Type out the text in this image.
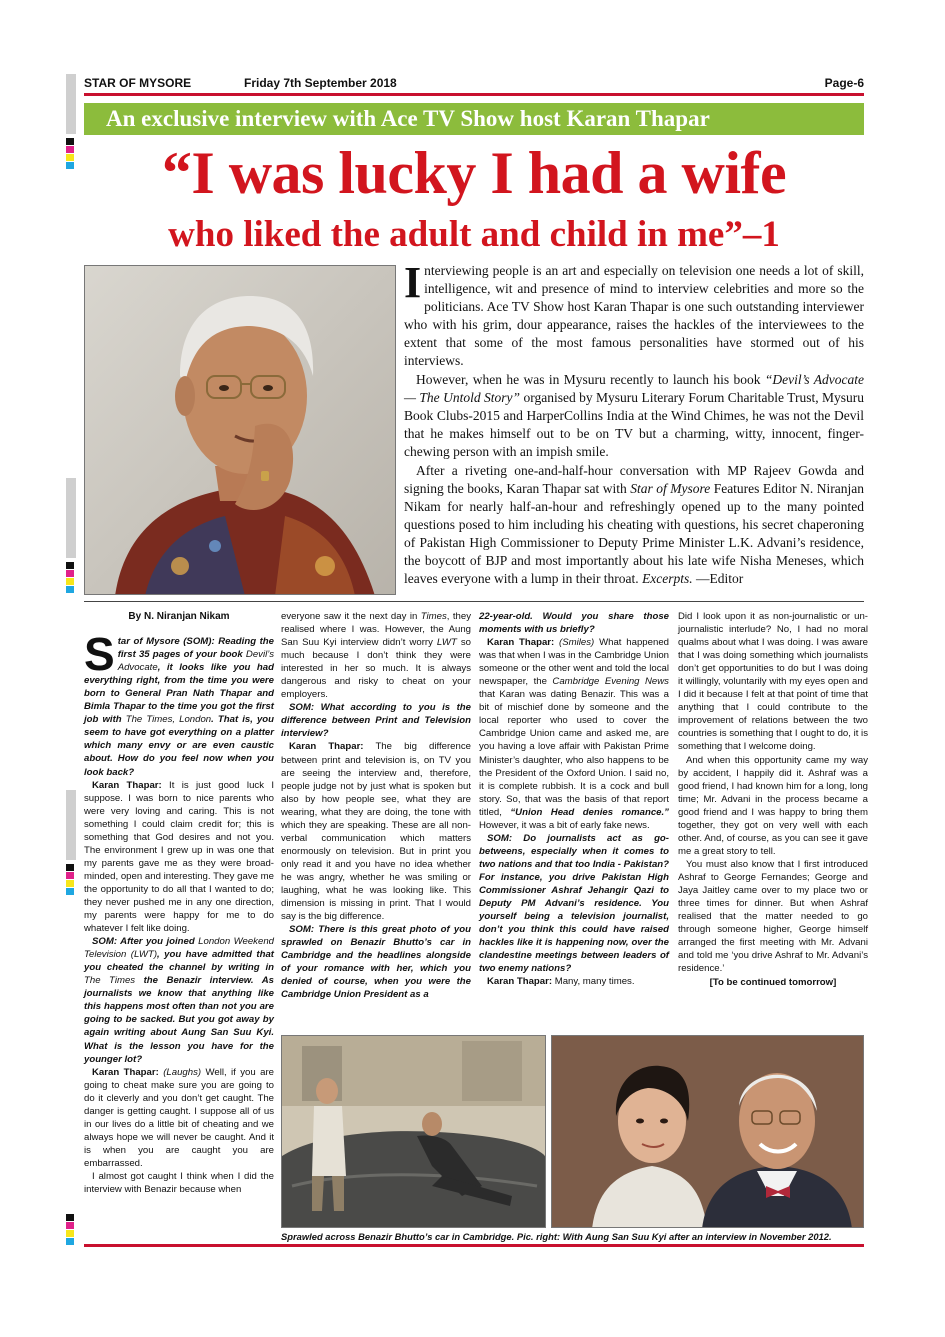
STAR OF MYSORE	Friday 7th September 2018	Page-6
An exclusive interview with Ace TV Show host Karan Thapar
“I was lucky I had a wife
who liked the adult and child in me”–1

Interviewing people is an art and especially on television one needs a lot of skill, intelligence, wit and presence of mind to interview celebrities and more so the politicians. Ace TV Show host Karan Thapar is one such outstanding interviewer who with his grim, dour appearance, raises the hackles of the interviewees to the extent that some of the most famous personalities have stormed out of his interviews.

However, when he was in Mysuru recently to launch his book “Devil’s Advocate — The Untold Story” organised by Mysuru Literary Forum Charitable Trust, Mysuru Book Clubs-2015 and HarperCollins India at the Wind Chimes, he was not the Devil that he makes himself out to be on TV but a charming, witty, innocent, finger-chewing person with an impish smile.

After a riveting one-and-half-hour conversation with MP Rajeev Gowda and signing the books, Karan Thapar sat with Star of Mysore Features Editor N. Niranjan Nikam for nearly half-an-hour and refreshingly opened up to the many pointed questions posed to him including his cheating with questions, his secret chaperoning of Pakistan High Commissioner to Deputy Prime Minister L.K. Advani’s residence, the boycott of BJP and most importantly about his late wife Nisha Meneses, which leaves everyone with a lump in their throat. Excerpts. —Editor

By N. Niranjan Nikam

Star of Mysore (SOM): Reading the first 35 pages of your book Devil’s Advocate, it looks like you had everything right, from the time you were born to General Pran Nath Thapar and Bimla Thapar to the time you got the first job with The Times, London. That is, you seem to have got everything on a platter which many envy or are even caustic about. How do you feel now when you look back?

Karan Thapar: It is just good luck I suppose. I was born to nice parents who were very loving and caring. This is not something I could claim credit for; this is something that God desires and not you. The environment I grew up in was one that my parents gave me as they were broad-minded, open and interesting. They gave me the opportunity to do all that I wanted to do; they never pushed me in any one direction, my parents were happy for me to do whatever I felt like doing.

SOM: After you joined London Weekend Television (LWT), you have admitted that you cheated the channel by writing in The Times the Benazir interview. As journalists we know that anything like this happens most often than not you are going to be sacked. But you got away by again writing about Aung San Suu Kyi. What is the lesson you have for the younger lot?

Karan Thapar: (Laughs) Well, if you are going to cheat make sure you are going to do it cleverly and you don’t get caught. The danger is getting caught. I suppose all of us in our lives do a little bit of cheating and we always hope we will never be caught. And it is when you are caught you are embarrassed.

I almost got caught I think when I did the interview with Benazir because when

everyone saw it the next day in Times, they realised where I was. However, the Aung San Suu Kyi interview didn’t worry LWT so much because I don’t think they were interested in her so much. It is always dangerous and risky to cheat on your employers.

SOM: What according to you is the difference between Print and Television interview?

Karan Thapar: The big difference between print and television is, on TV you are seeing the interview and, therefore, people judge not by just what is spoken but also by how people see, what they are wearing, what they are doing, the tone with which they are speaking. These are all non-verbal communication which matters enormously on television. But in print you only read it and you have no idea whether he was angry, whether he was smiling or laughing, what he was looking like. This dimension is missing in print. That I would say is the big difference.

SOM: There is this great photo of you sprawled on Benazir Bhutto’s car in Cambridge and the headlines alongside of your romance with her, which you denied of course, when you were the Cambridge Union President as a

22-year-old. Would you share those moments with us briefly?

Karan Thapar: (Smiles) What happened was that when I was in the Cambridge Union someone or the other went and told the local newspaper, the Cambridge Evening News that Karan was dating Benazir. This was a bit of mischief done by someone and the local reporter who used to cover the Cambridge Union came and asked me, are you having a love affair with Pakistan Prime Minister’s daughter, who also happens to be the President of the Oxford Union. I said no, it is complete rubbish. It is a cock and bull story. So, that was the basis of that report titled, “Union Head denies romance.” However, it was a bit of early fake news.

SOM: Do journalists act as go-betweens, especially when it comes to two nations and that too India - Pakistan? For instance, you drive Pakistan High Commissioner Ashraf Jehangir Qazi to Deputy PM Advani’s residence. You yourself being a television journalist, don’t you think this could have raised hackles like it is happening now, over the clandestine meetings between leaders of two enemy nations?

Karan Thapar: Many, many times.

Did I look upon it as non-journalistic or un-journalistic interlude? No, I had no moral qualms about what I was doing. I was aware that I was doing something which journalists don’t get opportunities to do but I was doing it willingly, voluntarily with my eyes open and I did it because I felt at that point of time that anything that I could contribute to the improvement of relations between the two countries is something that I ought to do, it is something that I welcome doing.

And when this opportunity came my way by accident, I happily did it. Ashraf was a good friend, I had known him for a long, long time; Mr. Advani in the process became a good friend and I was happy to bring them together, they got on very well with each other. And, of course, as you can see it gave me a great story to tell.

You must also know that I first introduced Ashraf to George Fernandes; George and Jaya Jaitley came over to my place two or three times for dinner. But when Ashraf realised that the matter needed to go through someone higher, George himself arranged the first meeting with Mr. Advani and told me ‘you drive Ashraf to Mr. Advani’s residence.’

[To be continued tomorrow]

Sprawled across Benazir Bhutto’s car in Cambridge. Pic. right: With Aung San Suu Kyi after an interview in November 2012.
